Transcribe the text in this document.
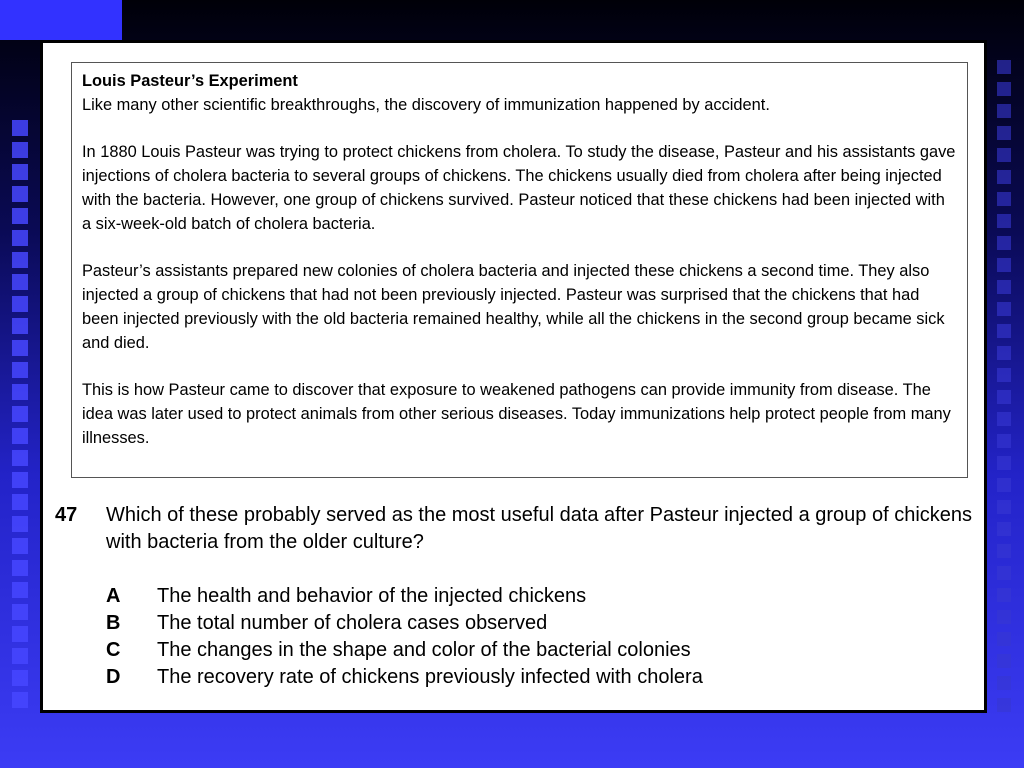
Louis Pasteur’s Experiment

Like many other scientific breakthroughs, the discovery of immunization happened by accident.

In 1880 Louis Pasteur was trying to protect chickens from cholera. To study the disease, Pasteur and his assistants gave injections of cholera bacteria to several groups of chickens. The chickens usually died from cholera after being injected with the bacteria. However, one group of chickens survived. Pasteur noticed that these chickens had been injected with a six-week-old batch of cholera bacteria.

Pasteur’s assistants prepared new colonies of cholera bacteria and injected these chickens a second time. They also injected a group of chickens that had not been previously injected. Pasteur was surprised that the chickens that had been injected previously with the old bacteria remained healthy, while all the chickens in the second group became sick and died.

This is how Pasteur came to discover that exposure to weakened pathogens can provide immunity from disease. The idea was later used to protect animals from other serious diseases. Today immunizations help protect people from many illnesses.

47 Which of these probably served as the most useful data after Pasteur injected a group of chickens with bacteria from the older culture?
A	The health and behavior of the injected chickens
B	The total number of cholera cases observed
C	The changes in the shape and color of the bacterial colonies
D	The recovery rate of chickens previously infected with cholera
